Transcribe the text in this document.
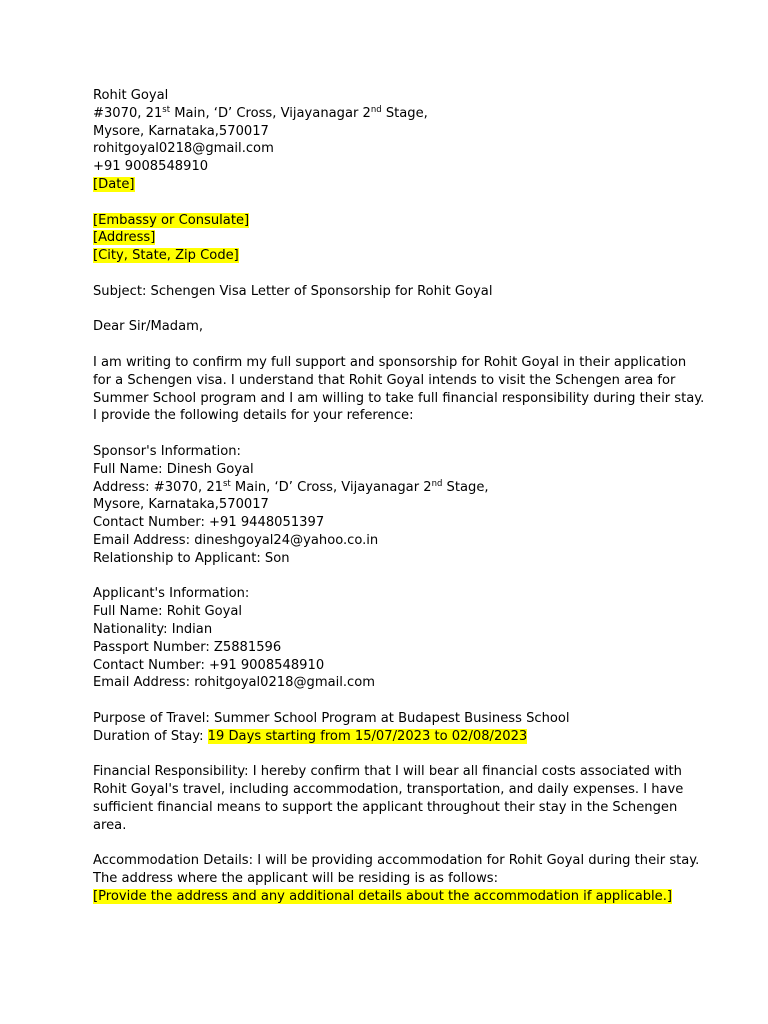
Rohit Goyal
#3070, 21st Main, ‘D’ Cross, Vijayanagar 2nd Stage,
Mysore, Karnataka,570017
rohitgoyal0218@gmail.com
+91 9008548910
[Date]
[Embassy or Consulate]
[Address]
[City, State, Zip Code]
Subject: Schengen Visa Letter of Sponsorship for Rohit Goyal
Dear Sir/Madam,
I am writing to confirm my full support and sponsorship for Rohit Goyal in their application
for a Schengen visa. I understand that Rohit Goyal intends to visit the Schengen area for
Summer School program and I am willing to take full financial responsibility during their stay.
I provide the following details for your reference:
Sponsor's Information:
Full Name: Dinesh Goyal
Address: #3070, 21st Main, ‘D’ Cross, Vijayanagar 2nd Stage,
Mysore, Karnataka,570017
Contact Number: +91 9448051397
Email Address: dineshgoyal24@yahoo.co.in
Relationship to Applicant: Son
Applicant's Information:
Full Name: Rohit Goyal
Nationality: Indian
Passport Number: Z5881596
Contact Number: +91 9008548910
Email Address: rohitgoyal0218@gmail.com
Purpose of Travel: Summer School Program at Budapest Business School
Duration of Stay: 19 Days starting from 15/07/2023 to 02/08/2023
Financial Responsibility: I hereby confirm that I will bear all financial costs associated with
Rohit Goyal's travel, including accommodation, transportation, and daily expenses. I have
sufficient financial means to support the applicant throughout their stay in the Schengen
area.
Accommodation Details: I will be providing accommodation for Rohit Goyal during their stay.
The address where the applicant will be residing is as follows:
[Provide the address and any additional details about the accommodation if applicable.]
